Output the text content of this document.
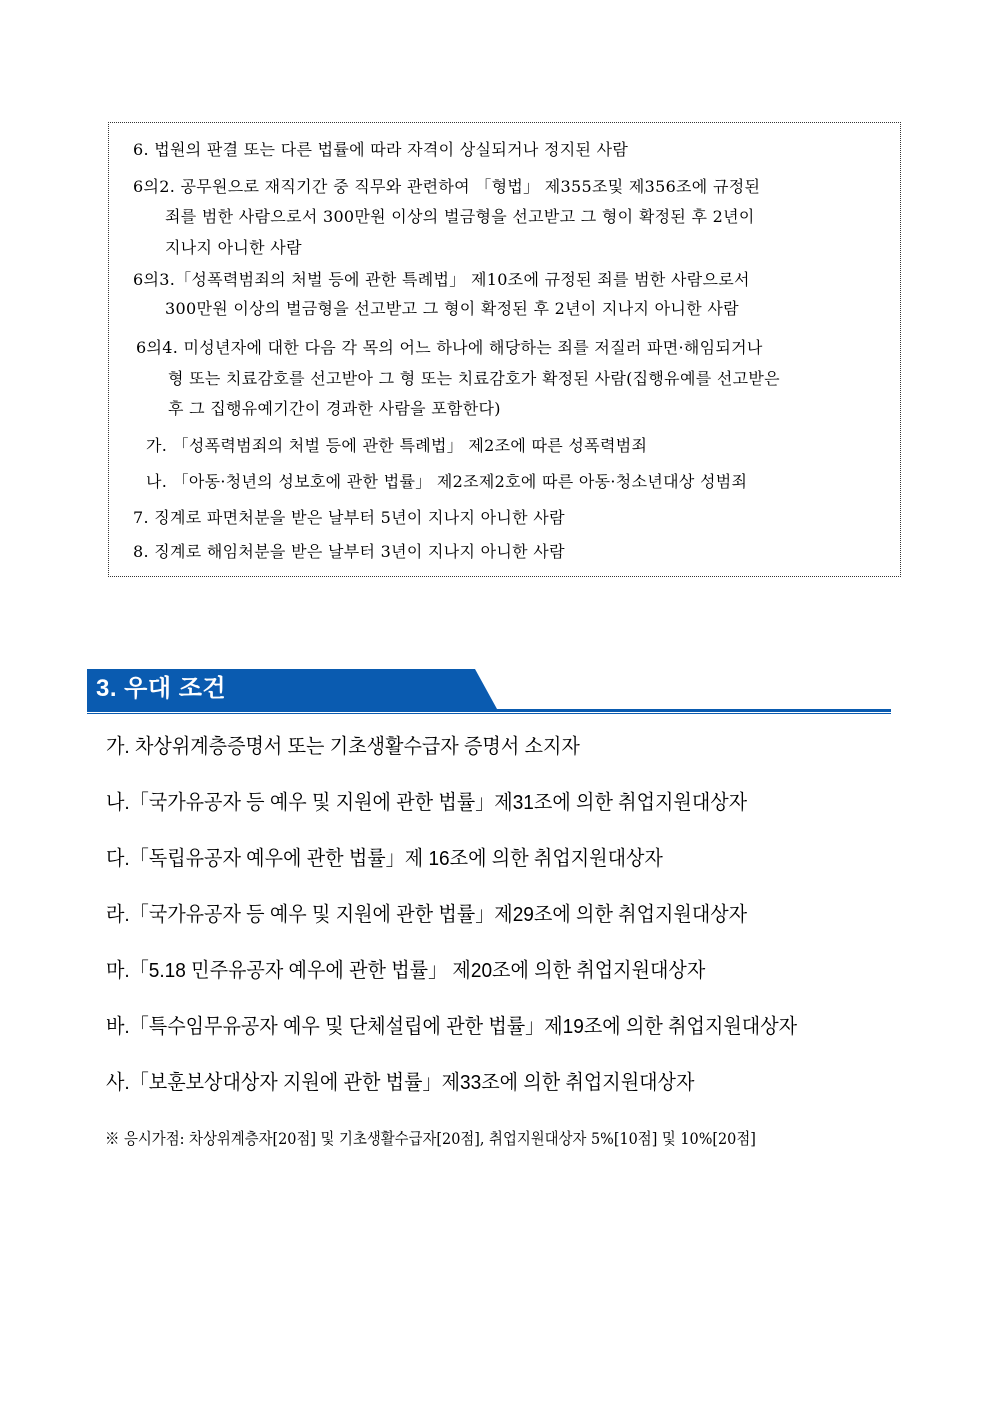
6. 법원의 판결 또는 다른 법률에 따라 자격이 상실되거나 정지된 사람
6의2. 공무원으로 재직기간 중 직무와 관련하여 「형법」 제355조및 제356조에 규정된
죄를 범한 사람으로서 300만원 이상의 벌금형을 선고받고 그 형이 확정된 후 2년이
지나지 아니한 사람
6의3.「성폭력범죄의 처벌 등에 관한 특례법」 제10조에 규정된 죄를 범한 사람으로서
300만원 이상의 벌금형을 선고받고 그 형이 확정된 후 2년이 지나지 아니한 사람
6의4. 미성년자에 대한 다음 각 목의 어느 하나에 해당하는 죄를 저질러 파면·해임되거나
형 또는 치료감호를 선고받아 그 형 또는 치료감호가 확정된 사람(집행유예를 선고받은
후 그 집행유예기간이 경과한 사람을 포함한다)
가. 「성폭력범죄의 처벌 등에 관한 특례법」 제2조에 따른 성폭력범죄
나. 「아동·청년의 성보호에 관한 법률」 제2조제2호에 따른 아동·청소년대상 성범죄
7. 징계로 파면처분을 받은 날부터 5년이 지나지 아니한 사람
8. 징계로 해임처분을 받은 날부터 3년이 지나지 아니한 사람
3. 우대 조건
가. 차상위계층증명서 또는 기초생활수급자 증명서 소지자
나.「국가유공자 등 예우 및 지원에 관한 법률」제31조에 의한 취업지원대상자
다.「독립유공자 예우에 관한 법률」제 16조에 의한 취업지원대상자
라.「국가유공자 등 예우 및 지원에 관한 법률」제29조에 의한 취업지원대상자
마.「5.18 민주유공자 예우에 관한 법률」 제20조에 의한 취업지원대상자
바.「특수임무유공자 예우 및 단체설립에 관한 법률」제19조에 의한 취업지원대상자
사.「보훈보상대상자 지원에 관한 법률」제33조에 의한 취업지원대상자
※ 응시가점: 차상위계층자[20점] 및 기초생활수급자[20점], 취업지원대상자 5%[10점] 및 10%[20점]
